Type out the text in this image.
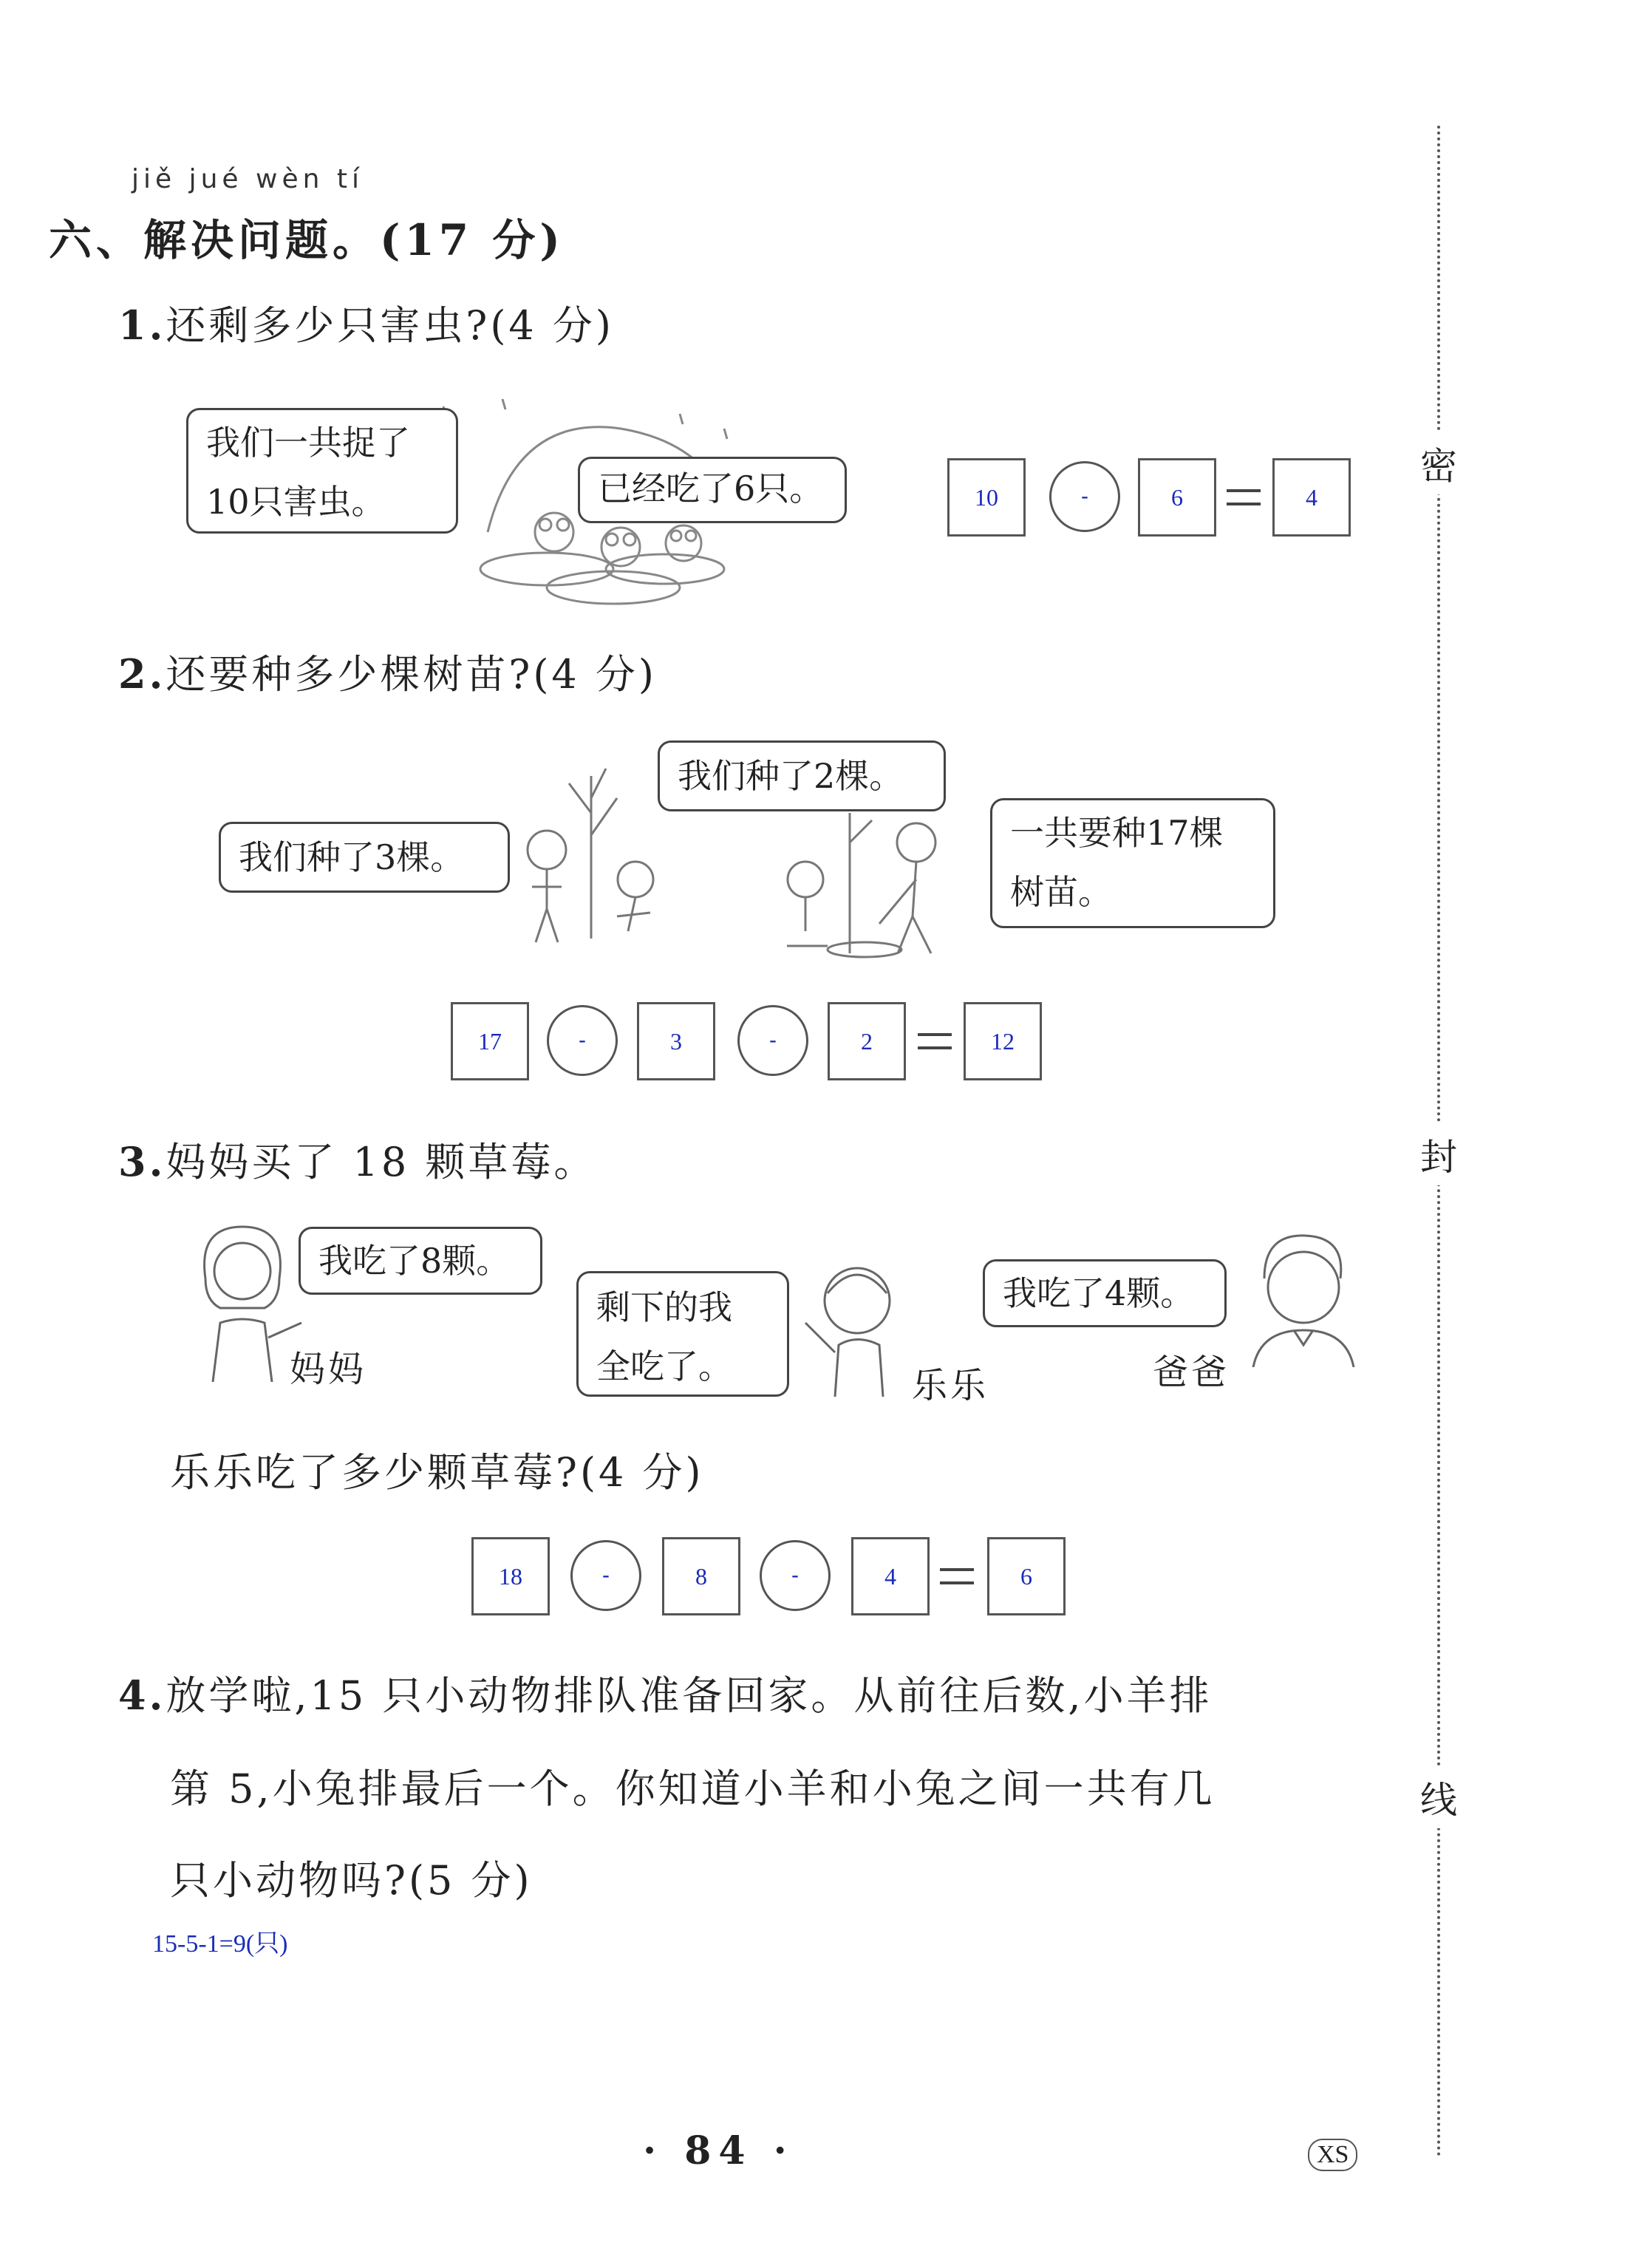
jiě jué wèn tí
六、解决问题。(17 分)
1.还剩多少只害虫?(4 分)
我们一共捉了
10只害虫。	已经吃了6只。	10	-	6	4
2.还要种多少棵树苗?(4 分)
我们种了3棵。
我们种了2棵。
一共要种17棵
树苗。
17	-	3	-	2	12
3.妈妈买了 18 颗草莓。
我吃了8颗。
妈妈
剩下的我
全吃了。	乐乐
我吃了4颗。
爸爸
乐乐吃了多少颗草莓?(4 分)
18	-	8	-	4	6
4.放学啦,15 只小动物排队准备回家。从前往后数,小羊排
第 5,小兔排最后一个。你知道小羊和小兔之间一共有几
只小动物吗?(5 分)
15-5-1=9(只)
· 84 ·	XS
密
封
线
